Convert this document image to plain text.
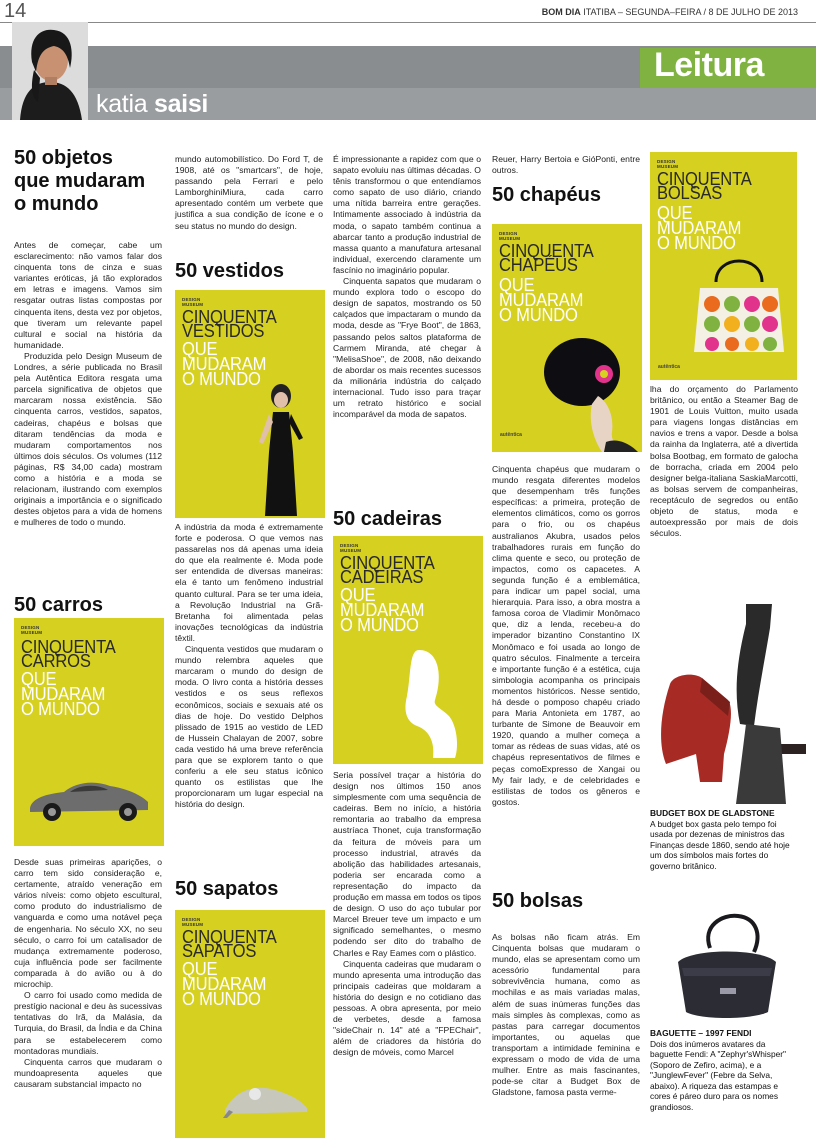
14	BOM DIA ITATIBA – SEGUNDA–FEIRA / 8 DE JULHO DE 2013
Leitura
katia saisi
50 objetos
que mudaram
o mundo

Antes de começar, cabe um esclarecimento: não vamos falar dos cinquenta tons de cinza e suas variantes eróticas, já tão explorados em letras e imagens. Vamos sim resgatar outras listas compostas por cinquenta itens, desta vez por objetos, que tiveram um relevante papel cultural e social na história da humanidade.

Produzida pelo Design Museum de Londres, a série publicada no Brasil pela Autêntica Editora resgata uma parcela significativa de objetos que marcaram nossa existência. São cinquenta carros, vestidos, sapatos, cadeiras, chapéus e bolsas que ditaram tendências da moda e mudaram comportamentos nos últimos dois séculos. Os volumes (112 páginas, R$ 34,00 cada) mostram como a história e a moda se relacionam, ilustrando com exemplos originais a importância e o significado destes objetos para a vida de homens e mulheres de todo o mundo.

50 carros
DESIGN MUSEUM
CINQUENTA CARROS
QUE
MUDARAM
O MUNDO

Desde suas primeiras aparições, o carro tem sido consideração e, certamente, atraído veneração em vários níveis: como objeto escultural, como produto do industrialismo de vanguarda e como uma notável peça de engenharia. No século XX, no seu século, o carro foi um catalisador de mudança extremamente poderoso, cuja influência pode ser facilmente comparada à do avião ou à do microchip.

O carro foi usado como medida de prestígio nacional e deu às sucessivas tentativas do Irã, da Malásia, da Turquia, do Brasil, da Índia e da China para se estabelecerem como montadoras mundiais.

Cinquenta carros que mudaram o mundoapresenta aqueles que causaram substancial impacto no

mundo automobilístico. Do Ford T, de 1908, até os "smartcars", de hoje, passando pela Ferrari e pelo LamborghiniMiura, cada carro apresentado contém um verbete que justifica a sua condição de ícone e o seu status no mundo do design.

50 vestidos
DESIGN MUSEUM
CINQUENTA VESTIDOS
QUE
MUDARAM
O MUNDO

A indústria da moda é extremamente forte e poderosa. O que vemos nas passarelas nos dá apenas uma ideia do que ela realmente é. Moda pode ser entendida de diversas maneiras: ela é tanto um fenômeno industrial quanto cultural. Para se ter uma ideia, a Revolução Industrial na Grã-Bretanha foi alimentada pelas inovações tecnológicas da indústria têxtil.

Cinquenta vestidos que mudaram o mundo relembra aqueles que marcaram o mundo do design de moda. O livro conta a história desses vestidos e os seus reflexos econômicos, sociais e sexuais até os dias de hoje. Do vestido Delphos plissado de 1915 ao vestido de LED de Hussein Chalayan de 2007, sobre cada vestido há uma breve referência para que se explorem tanto o que conferiu a ele seu status icônico quanto os estilistas que lhe proporcionaram um lugar especial na história do design.

50 sapatos
DESIGN MUSEUM
CINQUENTA SAPATOS
QUE
MUDARAM
O MUNDO

É impressionante a rapidez com que o sapato evoluiu nas últimas décadas. O tênis transformou o que entendíamos como sapato de uso diário, criando uma nítida barreira entre gerações. Intimamente associado à indústria da moda, o sapato também continua a abarcar tanto a produção industrial de massa quanto a manufatura artesanal individual, exercendo claramente um fascínio no imaginário popular.

Cinquenta sapatos que mudaram o mundo explora todo o escopo do design de sapatos, mostrando os 50 calçados que impactaram o mundo da moda, desde as "Frye Boot", de 1863, passando pelos saltos plataforma de Carmem Miranda, até chegar à "MelisaShoe", de 2008, não deixando de abordar os mais recentes sucessos da milionária indústria do calçado internacional. Tudo isso para traçar um retrato histórico e social incomparável da moda de sapatos.

50 cadeiras
DESIGN MUSEUM
CINQUENTA CADEIRAS
QUE
MUDARAM
O MUNDO

Seria possível traçar a história do design nos últimos 150 anos simplesmente com uma sequência de cadeiras. Bem no início, a história remontaria ao trabalho da empresa austríaca Thonet, cuja transformação da feitura de móveis para um processo industrial, através da abolição das habilidades artesanais, poderia ser encarada como a representação do impacto da produção em massa em todos os tipos de design. O uso do aço tubular por Marcel Breuer teve um impacto e um significado semelhantes, o mesmo podendo ser dito do trabalho de Charles e Ray Eames com o plástico.

Cinquenta cadeiras que mudaram o mundo apresenta uma introdução das principais cadeiras que moldaram a história do design e no cotidiano das pessoas. A obra apresenta, por meio de verbetes, desde a famosa "sideChair n. 14" até a "FPEChair", além de criadores da história do design de móveis, como Marcel

Reuer, Harry Bertoia e GióPonti, entre outros.

50 chapéus
DESIGN MUSEUM
CINQUENTA CHAPÉUS
QUE
MUDARAM
O MUNDO
autêntica

Cinquenta chapéus que mudaram o mundo resgata diferentes modelos que desempenham três funções específicas: a primeira, proteção de elementos climáticos, como os gorros para o frio, ou os chapéus australianos Akubra, usados pelos trabalhadores rurais em função do clima quente e seco, ou proteção de impactos, como os capacetes. A segunda função é a emblemática, para indicar um papel social, uma hierarquia. Para isso, a obra mostra a famosa coroa de Vladimir Monômaco que, diz a lenda, recebeu-a do imperador bizantino Constantino IX Monômaco e foi usada ao longo de quatro séculos. Finalmente a terceira e importante função é a estética, cuja simbologia acompanha os principais momentos históricos. Nesse sentido, há desde o pomposo chapéu criado para Maria Antonieta em 1787, ao turbante de Simone de Beauvoir em 1920, quando a mulher começa a tomar as rédeas de suas vidas, até os chapéus representativos de filmes e peças comoExpresso de Xangai ou My fair lady, e de celebridades e estilistas de todos os gêneros e gostos.

50 bolsas

As bolsas não ficam atrás. Em Cinquenta bolsas que mudaram o mundo, elas se apresentam como um acessório fundamental para sobrevivência humana, como as mochilas e as mais variadas malas, além de suas inúmeras funções das mais simples às complexas, como as pastas para carregar documentos importantes, ou aquelas que transportam a intimidade feminina e expressam o modo de vida de uma mulher. Entre as mais fascinantes, pode-se citar a Budget Box de Gladstone, famosa pasta verme-

DESIGN MUSEUM
CINQUENTA BOLSAS
QUE
MUDARAM
O MUNDO
autêntica

lha do orçamento do Parlamento britânico, ou então a Steamer Bag de 1901 de Louis Vuitton, muito usada para viagens longas distâncias em navios e trens a vapor. Desde a bolsa da rainha da Inglaterra, até a divertida bolsa Bootbag, em formato de galocha de borracha, criada em 2004 pelo designer belga-italiana SaskiaMarcotti, as bolsas servem de companheiras, receptáculo de segredos ou então objeto de status, moda e autoexpressão por mais de dois séculos.

BUDGET BOX DE GLADSTONE
A budget box gasta pelo tempo foi usada por dezenas de ministros das Finanças desde 1860, sendo até hoje um dos símbolos mais fortes do governo britânico.
BAGUETTE – 1997 FENDI
Dois dos inúmeros avatares da baguette Fendi: A "Zephyr'sWhisper" (Soporo de Zefiro, acima), e a "JunglewFever" (Febre da Selva, abaixo). A riqueza das estampas e cores é páreo duro para os nomes grandiosos.
